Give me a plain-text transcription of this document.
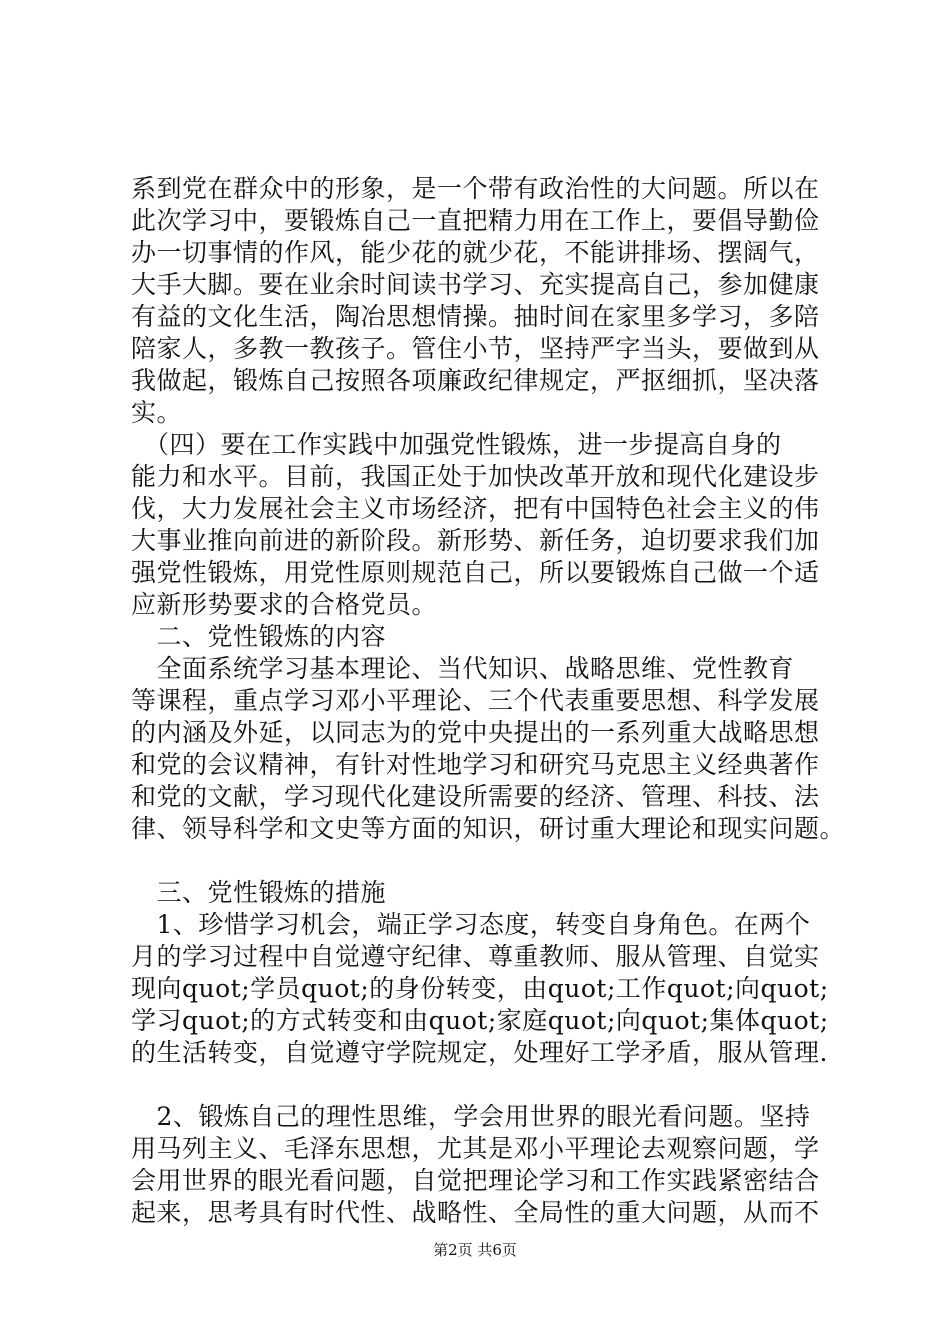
系到党在群众中的形象，是一个带有政治性的大问题。所以在
此次学习中，要锻炼自己一直把精力用在工作上，要倡导勤俭
办一切事情的作风，能少花的就少花，不能讲排场、摆阔气，
大手大脚。要在业余时间读书学习、充实提高自己，参加健康
有益的文化生活，陶冶思想情操。抽时间在家里多学习，多陪
陪家人，多教一教孩子。管住小节，坚持严字当头，要做到从
我做起，锻炼自己按照各项廉政纪律规定，严抠细抓，坚决落
实。
　（四）要在工作实践中加强党性锻炼，进一步提高自身的
能力和水平。目前，我国正处于加快改革开放和现代化建设步
伐，大力发展社会主义市场经济，把有中国特色社会主义的伟
大事业推向前进的新阶段。新形势、新任务，迫切要求我们加
强党性锻炼，用党性原则规范自己，所以要锻炼自己做一个适
应新形势要求的合格党员。
　二、党性锻炼的内容
　全面系统学习基本理论、当代知识、战略思维、党性教育
等课程，重点学习邓小平理论、三个代表重要思想、科学发展
的内涵及外延，以同志为的党中央提出的一系列重大战略思想
和党的会议精神，有针对性地学习和研究马克思主义经典著作
和党的文献，学习现代化建设所需要的经济、管理、科技、法
律、领导科学和文史等方面的知识，研讨重大理论和现实问题。
　三、党性锻炼的措施
　1、珍惜学习机会，端正学习态度，转变自身角色。在两个
月的学习过程中自觉遵守纪律、尊重教师、服从管理、自觉实
现向quot;学员quot;的身份转变，由quot;工作quot;向quot;
学习quot;的方式转变和由quot;家庭quot;向quot;集体quot;
的生活转变，自觉遵守学院规定，处理好工学矛盾，服从管理.
　2、锻炼自己的理性思维，学会用世界的眼光看问题。坚持
用马列主义、毛泽东思想，尤其是邓小平理论去观察问题，学
会用世界的眼光看问题，自觉把理论学习和工作实践紧密结合
起来，思考具有时代性、战略性、全局性的重大问题，从而不
第2页 共6页
